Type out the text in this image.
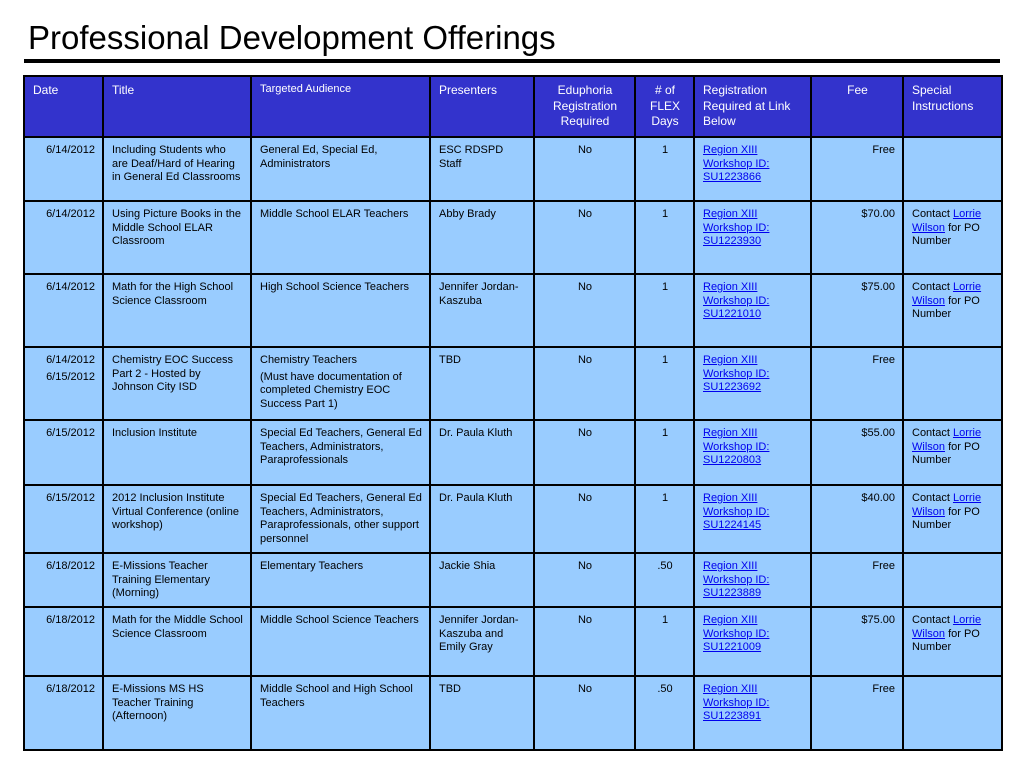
Professional Development Offerings
Date	Title	Targeted Audience	Presenters	Eduphoria Registration Required	# of FLEX Days	Registration Required at Link Below	Fee	Special Instructions

6/14/2012	Including Students who are Deaf/Hard of Hearing in General Ed Classrooms	General Ed, Special Ed, Administrators	ESC RDSPD Staff	No	1	Region XIII
Workshop ID:
SU1223866	Free	

6/14/2012	Using Picture Books in the Middle School ELAR Classroom	Middle School ELAR Teachers	Abby Brady	No	1	Region XIII
Workshop ID:
SU1223930	$70.00	Contact Lorrie Wilson for PO Number

6/14/2012	Math for the High School Science Classroom	High School Science Teachers	Jennifer Jordan-Kaszuba	No	1	Region XIII
Workshop ID:
SU1221010	$75.00	Contact Lorrie Wilson for PO Number

6/14/2012
6/15/2012	Chemistry EOC Success Part 2 - Hosted by Johnson City ISD	Chemistry Teachers
(Must have documentation of completed Chemistry EOC Success Part 1)	TBD	No	1	Region XIII
Workshop ID:
SU1223692	Free	

6/15/2012	Inclusion Institute	Special Ed Teachers, General Ed Teachers, Administrators, Paraprofessionals	Dr. Paula Kluth	No	1	Region XIII
Workshop ID:
SU1220803	$55.00	Contact Lorrie Wilson for PO Number

6/15/2012	2012 Inclusion Institute Virtual Conference (online workshop)	Special Ed Teachers, General Ed Teachers, Administrators, Paraprofessionals, other support personnel	Dr. Paula Kluth	No	1	Region XIII
Workshop ID:
SU1224145	$40.00	Contact Lorrie Wilson for PO Number

6/18/2012	E-Missions Teacher Training Elementary (Morning)	Elementary Teachers	Jackie Shia	No	.50	Region XIII
Workshop ID:
SU1223889	Free	

6/18/2012	Math for the Middle School Science Classroom	Middle School Science Teachers	Jennifer Jordan-Kaszuba and Emily Gray	No	1	Region XIII
Workshop ID:
SU1221009	$75.00	Contact Lorrie Wilson for PO Number

6/18/2012	E-Missions MS HS Teacher Training (Afternoon)	Middle School and High School Teachers	TBD	No	.50	Region XIII
Workshop ID:
SU1223891	Free	
